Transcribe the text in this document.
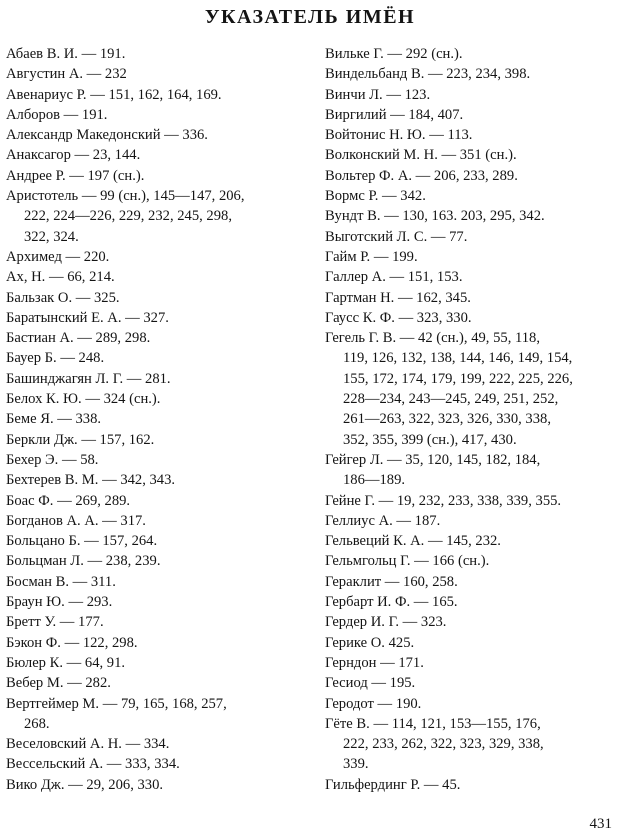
УКАЗАТЕЛЬ ИМЁН
Абаев В. И. — 191.
Августин А. — 232
Авенариус Р. — 151, 162, 164, 169.
Алборов — 191.
Александр Македонский — 336.
Анаксагор — 23, 144.
Андрее Р. — 197 (сн.).
Аристотель — 99 (сн.), 145—147, 206,
222, 224—226, 229, 232, 245, 298,
322, 324.
Архимед — 220.
Ах, Н. — 66, 214.
Бальзак О. — 325.
Баратынский Е. А. — 327.
Бастиан А. — 289, 298.
Бауер Б. — 248.
Башинджагян Л. Г. — 281.
Белох К. Ю. — 324 (сн.).
Беме Я. — 338.
Беркли Дж. — 157, 162.
Бехер Э. — 58.
Бехтерев В. М. — 342, 343.
Боас Ф. — 269, 289.
Богданов А. А. — 317.
Больцано Б. — 157, 264.
Больцман Л. — 238, 239.
Босман В. — 311.
Браун Ю. — 293.
Бретт У. — 177.
Бэкон Ф. — 122, 298.
Бюлер К. — 64, 91.
Вебер М. — 282.
Вертгеймер М. — 79, 165, 168, 257,
268.
Веселовский А. Н. — 334.
Вессельский А. — 333, 334.
Вико Дж. — 29, 206, 330.
Вильке Г. — 292 (сн.).
Виндельбанд В. — 223, 234, 398.
Винчи Л. — 123.
Виргилий — 184, 407.
Войтонис Н. Ю. — 113.
Волконский М. Н. — 351 (сн.).
Вольтер Ф. А. — 206, 233, 289.
Вормс Р. — 342.
Вундт В. — 130, 163. 203, 295, 342.
Выготский Л. С. — 77.
Гайм Р. — 199.
Галлер А. — 151, 153.
Гартман Н. — 162, 345.
Гаусс К. Ф. — 323, 330.
Гегель Г. В. — 42 (сн.), 49, 55, 118,
119, 126, 132, 138, 144, 146, 149, 154,
155, 172, 174, 179, 199, 222, 225, 226,
228—234, 243—245, 249, 251, 252,
261—263, 322, 323, 326, 330, 338,
352, 355, 399 (сн.), 417, 430.
Гейгер Л. — 35, 120, 145, 182, 184,
186—189.
Гейне Г. — 19, 232, 233, 338, 339, 355.
Геллиус А. — 187.
Гельвеций К. А. — 145, 232.
Гельмгольц Г. — 166 (сн.).
Гераклит — 160, 258.
Гербарт И. Ф. — 165.
Гердер И. Г. — 323.
Герике О. 425.
Герндон — 171.
Гесиод — 195.
Геродот — 190.
Гёте В. — 114, 121, 153—155, 176,
222, 233, 262, 322, 323, 329, 338,
339.
Гильфердинг Р. — 45.
431
